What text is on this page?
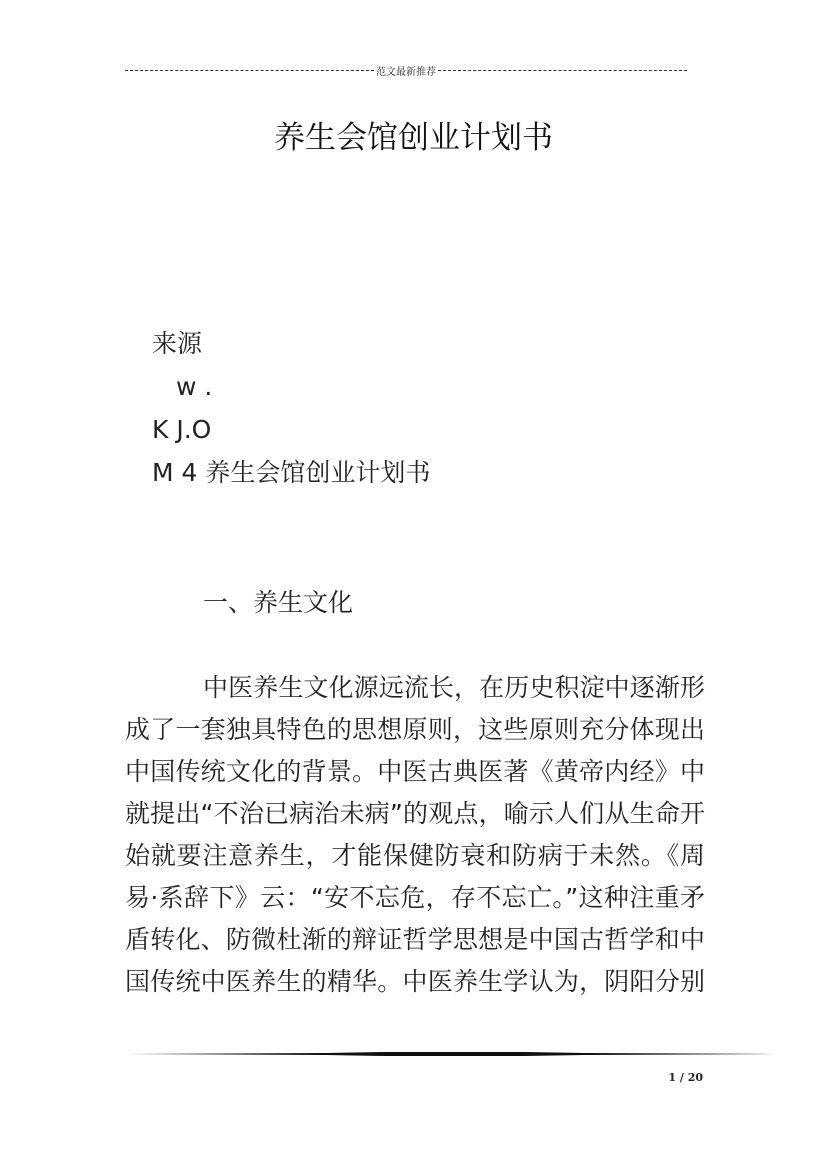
范文最新推荐
养生会馆创业计划书
来源
w .
K J.O
M 4 养生会馆创业计划书
一、养生文化
中医养生文化源远流长，在历史积淀中逐渐形
成了一套独具特色的思想原则，这些原则充分体现出
中国传统文化的背景。中医古典医著《黄帝内经》中
就提出“不治已病治未病”的观点，喻示人们从生命开
始就要注意养生，才能保健防衰和防病于未然。《周
易·系辞下》云：“安不忘危，存不忘亡。”这种注重矛
盾转化、防微杜渐的辩证哲学思想是中国古哲学和中
国传统中医养生的精华。中医养生学认为，阴阳分别
1 / 20
